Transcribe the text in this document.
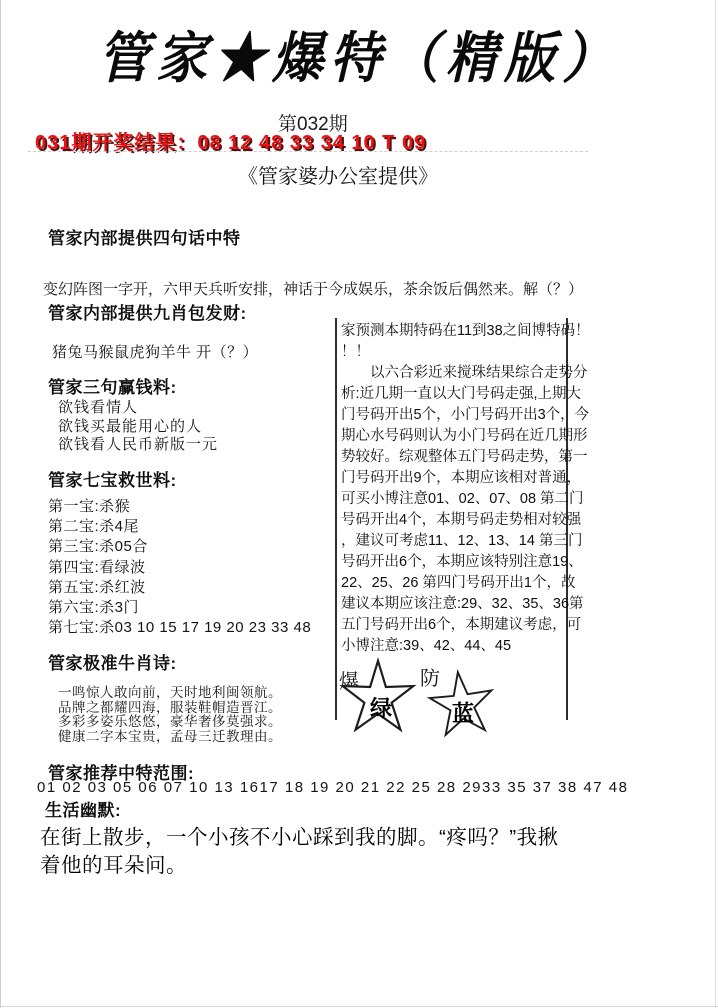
管家★爆特（精版）
第032期
031期开奖结果：08 12 48 33 34 10 T 09
《管家婆办公室提供》
管家内部提供四句话中特
变幻阵图一字开，六甲天兵听安排，神话于今成娱乐，茶余饭后偶然来。解（？）
管家内部提供九肖包发财:
猪兔马猴鼠虎狗羊牛 开（？）
管家三句赢钱料:
欲钱看情人
欲钱买最能用心的人
欲钱看人民币新版一元
管家七宝救世料:
第一宝:杀猴
第二宝:杀4尾
第三宝:杀05合
第四宝:看绿波
第五宝:杀红波
第六宝:杀3门
第七宝:杀03 10 15 17 19 20 23 33 48
管家极准牛肖诗:
一鸣惊人敢向前，天时地利闽领航。
品牌之都耀四海，服装鞋帽造晋江。
多彩多姿乐悠悠，豪华奢侈莫强求。
健康二字本宝贵，孟母三迁教理由。
管家推荐中特范围:
01 02 03 05 06 07 10 13 1617 18 19 20 21 22 25 28 2933 35 37 38 47 48
生活幽默:
在街上散步，一个小孩不小心踩到我的脚。“疼吗？”我揪
着他的耳朵问。
家预测本期特码在11到38之间博特码！
！！
　　以六合彩近来搅珠结果综合走势分
析:近几期一直以大门号码走强,上期大
门号码开出5个，小门号码开出3个，今
期心水号码则认为小门号码在近几期形
势较好。综观整体五门号码走势，第一
门号码开出9个，本期应该相对普通，
可买小博注意01、02、07、08 第二门
号码开出4个，本期号码走势相对较强
，建议可考虑11、12、13、14 第三门
号码开出6个，本期应该特别注意19、
22、25、26 第四门号码开出1个，故
建议本期应该注意:29、32、35、36第
五门号码开出6个，本期建议考虑，可
小博注意:39、42、44、45
爆	防
绿	蓝
